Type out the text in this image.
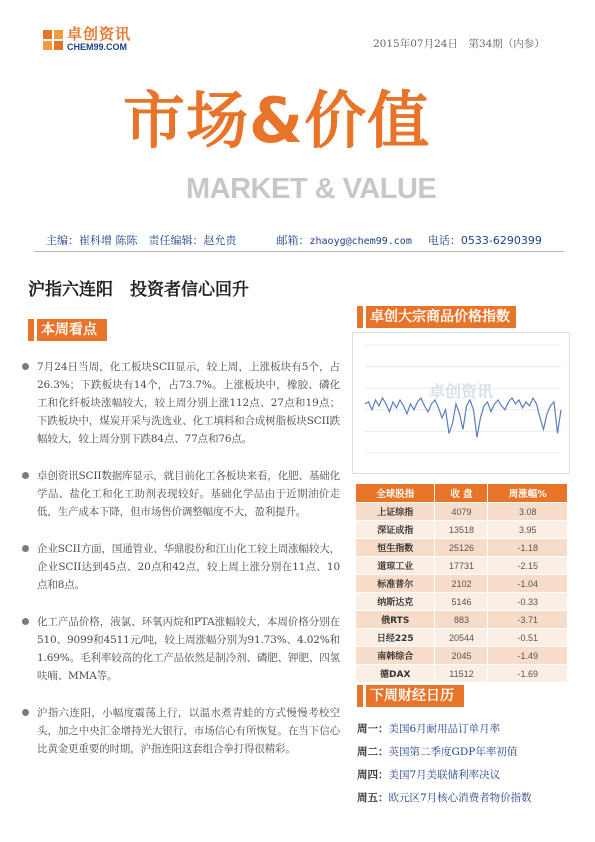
卓创资讯
CHEM99.COM	2015年07月24日　第34期（内参）
市场&价值
MARKET & VALUE
主编：崔科增 陈陈　责任编辑：赵允贵	邮箱：zhaoyg@chem99.com 电话：0533-6290399
沪指六连阳　投资者信心回升
本周看点
7月24日当周，化工板块SCII显示，较上周，上涨板块有5个，占26.3%；下跌板块有14个，占73.7%。上涨板块中，橡胶、磷化工和化纤板块涨幅较大，较上周分别上涨112点、27点和19点；下跌板块中，煤炭开采与洗选业、化工填料和合成树脂板块SCII跌幅较大，较上周分别下跌84点、77点和76点。
卓创资讯SCII数据库显示，就目前化工各板块来看，化肥、基础化学品、盐化工和化工助剂表现较好。基础化学品由于近期油价走低，生产成本下降，但市场售价调整幅度不大，盈利提升。
企业SCII方面，国通管业、华鼎股份和江山化工较上周涨幅较大，企业SCII达到45点、20点和42点，较上周上涨分别在11点、10点和8点。
化工产品价格，液氯、环氧丙烷和PTA涨幅较大，本周价格分别在510、9099和4511元/吨，较上周涨幅分别为91.73%、4.02%和1.69%。毛利率较高的化工产品依然是制冷剂、磷肥、钾肥、四氢呋喃、MMA等。
沪指六连阳，小幅度震荡上行，以温水煮青蛙的方式慢慢考校空头，加之中央汇金增持光大银行，市场信心有所恢复。在当下信心比黄金更重要的时期，沪指连阳这套组合拳打得很精彩。
卓创大宗商品价格指数
卓创资讯
全球股指	收 盘	周涨幅%
上证综指	4079	3.08
深证成指	13518	3.95
恒生指数	25126	-1.18
道琼工业	17731	-2.15
标准普尔	2102	-1.04
纳斯达克	5146	-0.33
俄RTS	883	-3.71
日经225	20544	-0.51
南韩综合	2045	-1.49
德DAX	11512	-1.69
下周财经日历
周一：美国6月耐用品订单月率
周二：英国第二季度GDP年率初值
周四：美国7月美联储利率决议
周五：欧元区7月核心消费者物价指数
